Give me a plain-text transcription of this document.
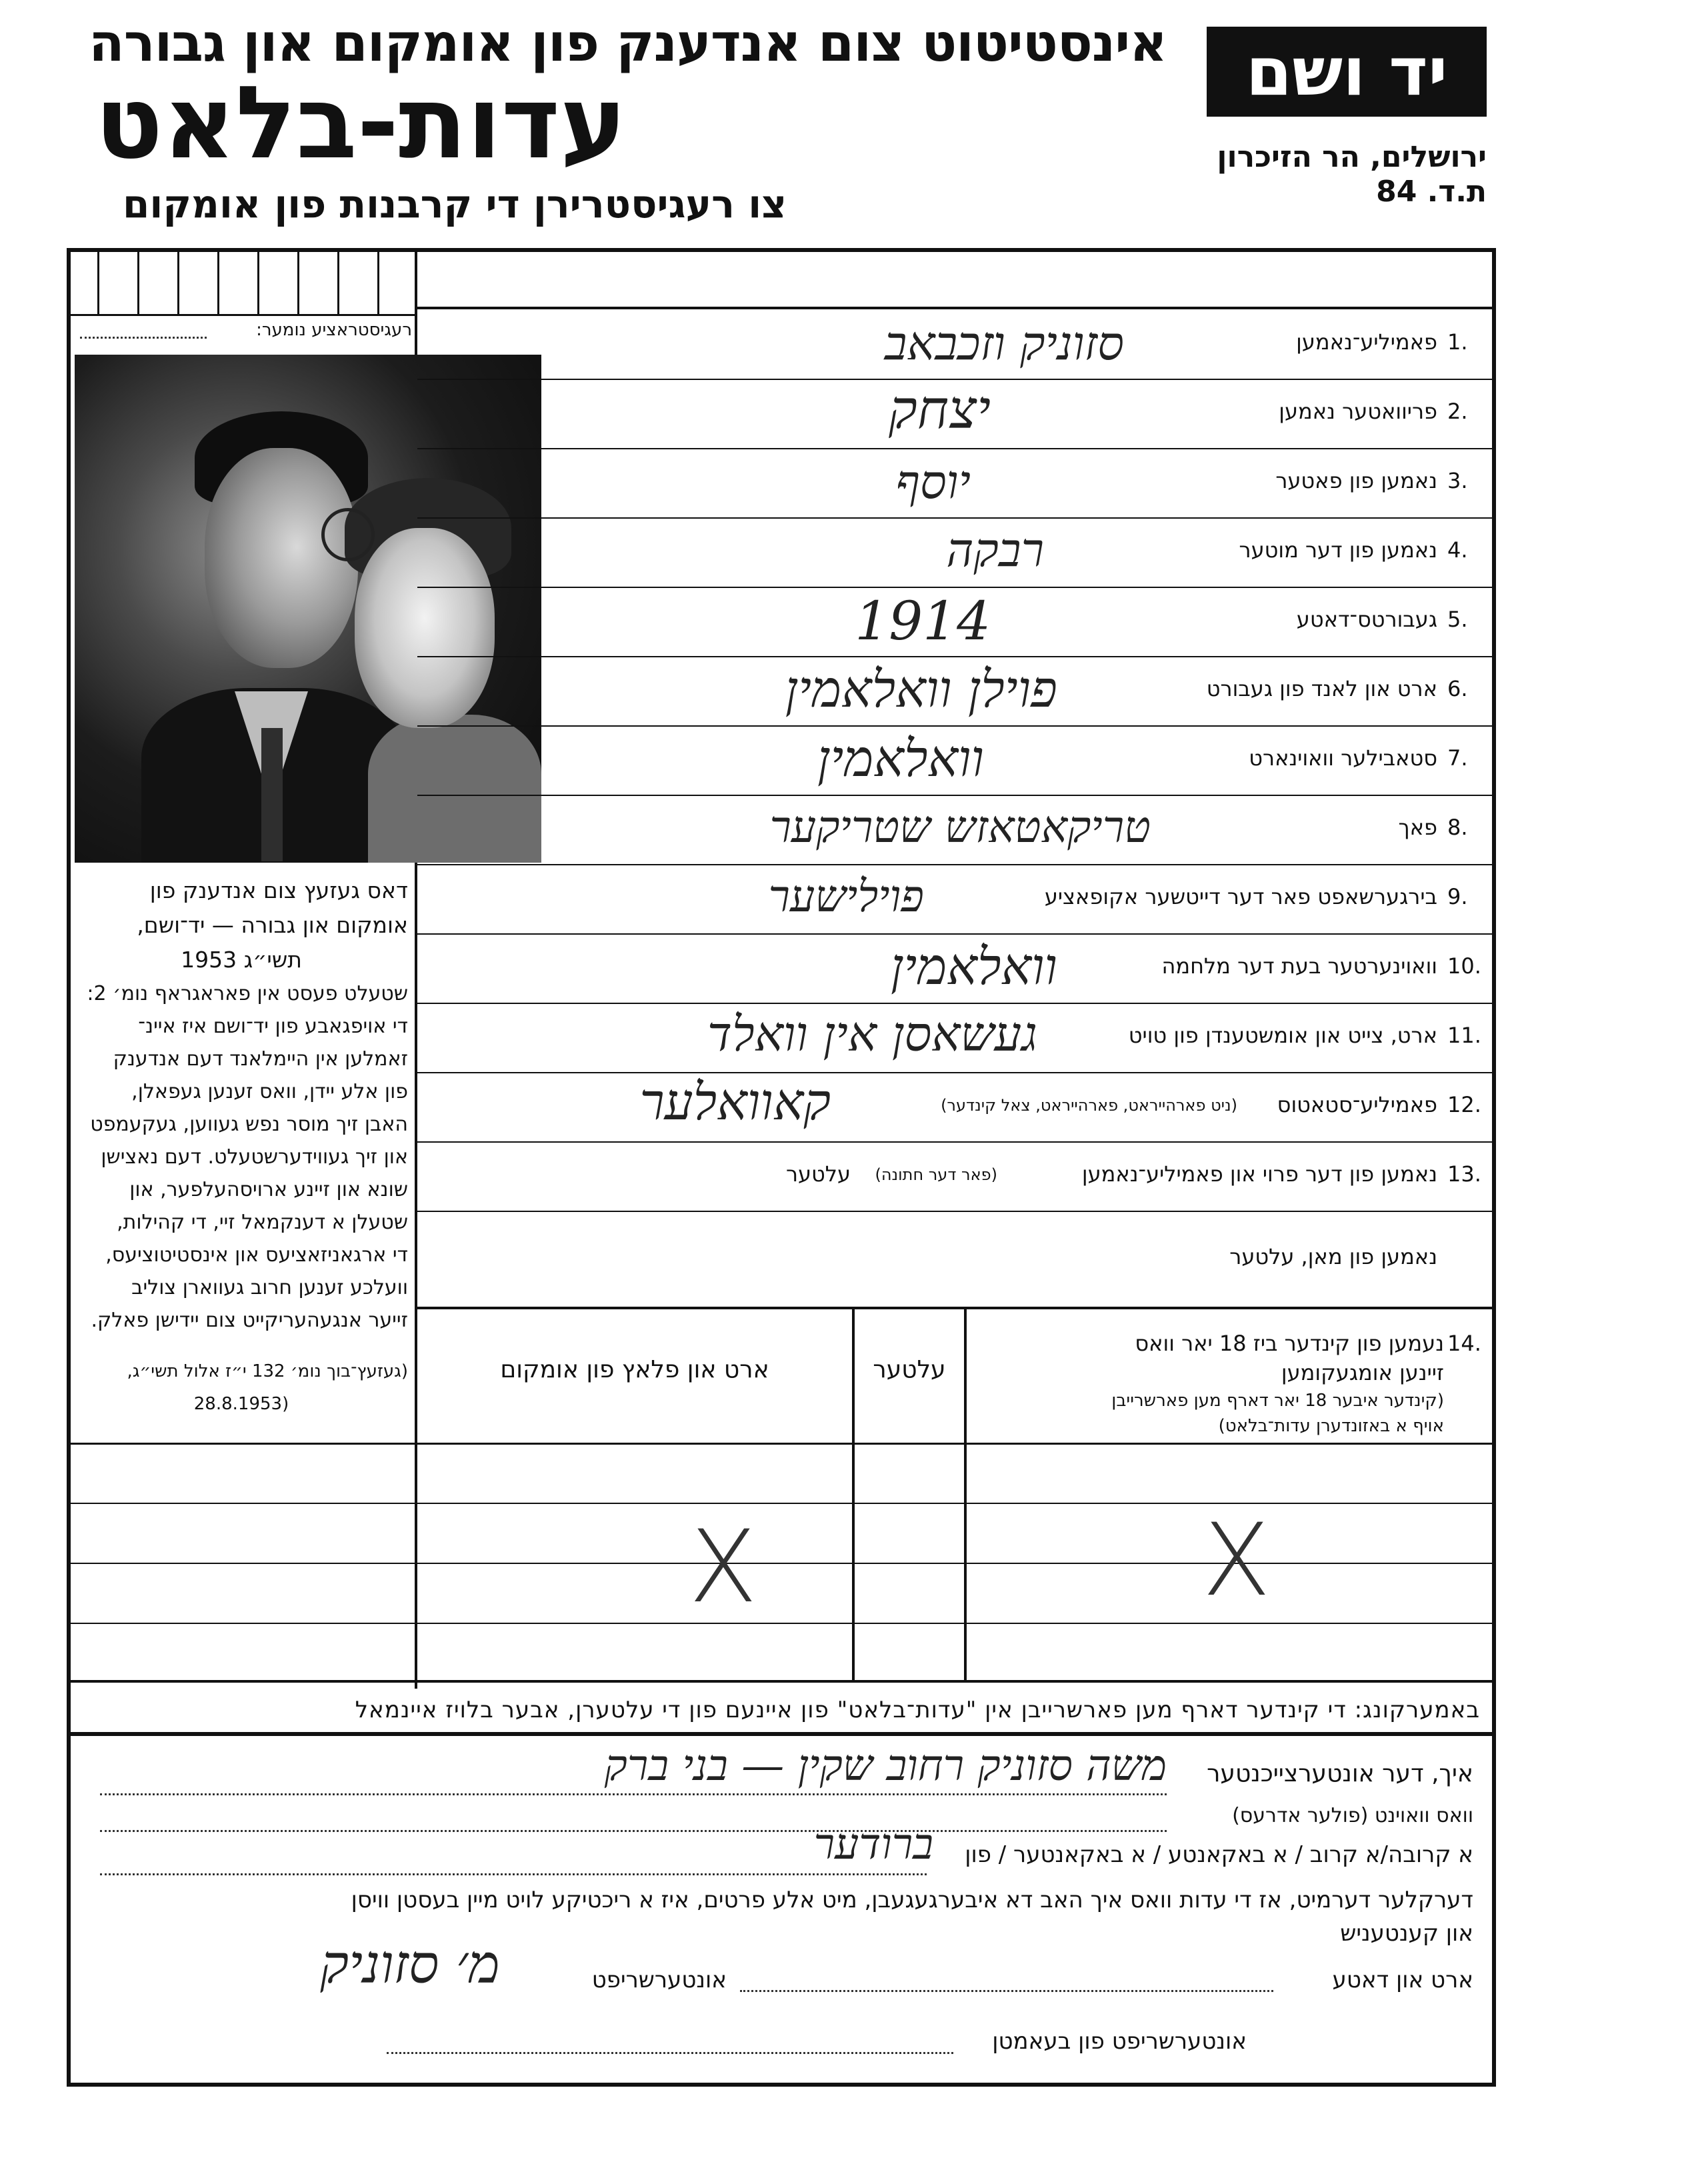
אינסטיטוט צום אנדענק פון אומקום און גבורה
עדות-בלאט
צו רעגיסטרירן די קרבנות פון אומקום
יד ושם
ירושלים, הר הזיכרון
ת.ד. 84
רעגיסטראציע נומער:
דאס געזעץ צום אנדענק פון
אומקום און גבורה — יד־ושם,
תשי״ג 1953
שטעלט פעסט אין פאראגראף נומ׳ 2:
די אויפגאבע פון יד־ושם איז איינ־
זאמלען אין היימלאנד דעם אנדענק
פון אלע יידן, וואס זענען געפאלן,
האבן זיך מוסר נפש געווען, געקעמפט
און זיך געווידערשטעלט. דעם נאצישן
שונא און זיינע ארויסהעלפער, און
שטעלן א דענקמאל זיי, די קהילות,
די ארגאניזאציעס און אינסטיטוציעס,
וועלכע זענען חרוב געווארן צוליב
זייער אנגעהעריקייט צום יידישן פאלק.
(געזעץ־בוך נומ׳ 132 י״ז אלול תשי״ג,
(28.8.1953
1.
פאמיליע־נאמען
סזוניק וזכבאב
2.
פריוואטער נאמען
יצחק
3.
נאמען פון פאטער
יוסף
4.
נאמען פון דער מוטער
רבקה
5.
געבורטס־דאטע
1914
6.
ארט און לאנד פון געבורט
פוילן וואלאמין
7.
סטאבילער וואוינארט
וואלאמין
8.
פאך
טריקאטאזש שטריקער
9.
בירגערשאפט פאר דער דייטשער אקופאציע
פוילישער
10.
וואוינערטער בעת דער מלחמה
וואלאמין
11.
ארט, צייט און אומשטענדן פון טויט
געשאסן אין וואלד
12.
פאמיליע־סטאטוס
(ניט פארהייראט, פארהייראט, צאל קינדער)
קאוואלער
13.
נאמען פון דער פרוי און פאמיליע־נאמען
(פאר דער חתונה)
עלטער
נאמען פון מאן, עלטער
14.
נעמען פון קינדער ביז 18 יאר וואס
זיינען אומגעקומען
(קינדער איבער 18 יאר דארף מען פארשרייבן
אויף א באזונדערן עדות־בלאט)
עלטער
ארט און פלאץ פון אומקום
X	X
באמערקונג: די קינדער דארף מען פארשרייבן אין "עדות־בלאט" פון איינעם פון די עלטערן, אבער בלויז איינמאל
איך, דער אונטערצייכנטער
משה סזוניק רחוב שקין — בני ברק
וואס וואוינט (פולער אדרעס)
א קרובה/א קרוב / א באקאנטע / א באקאנטער / פון
ברודער
דערקלער דערמיט, אז די עדות וואס איך האב דא איבערגעגעבן, מיט אלע פרטים, איז א ריכטיקע לויט מיין בעסטן וויסן
און קענטעניש
ארט און דאטע
אונטערשריפט
מ׳ סזוניק
אונטערשריפט פון בעאמטן
